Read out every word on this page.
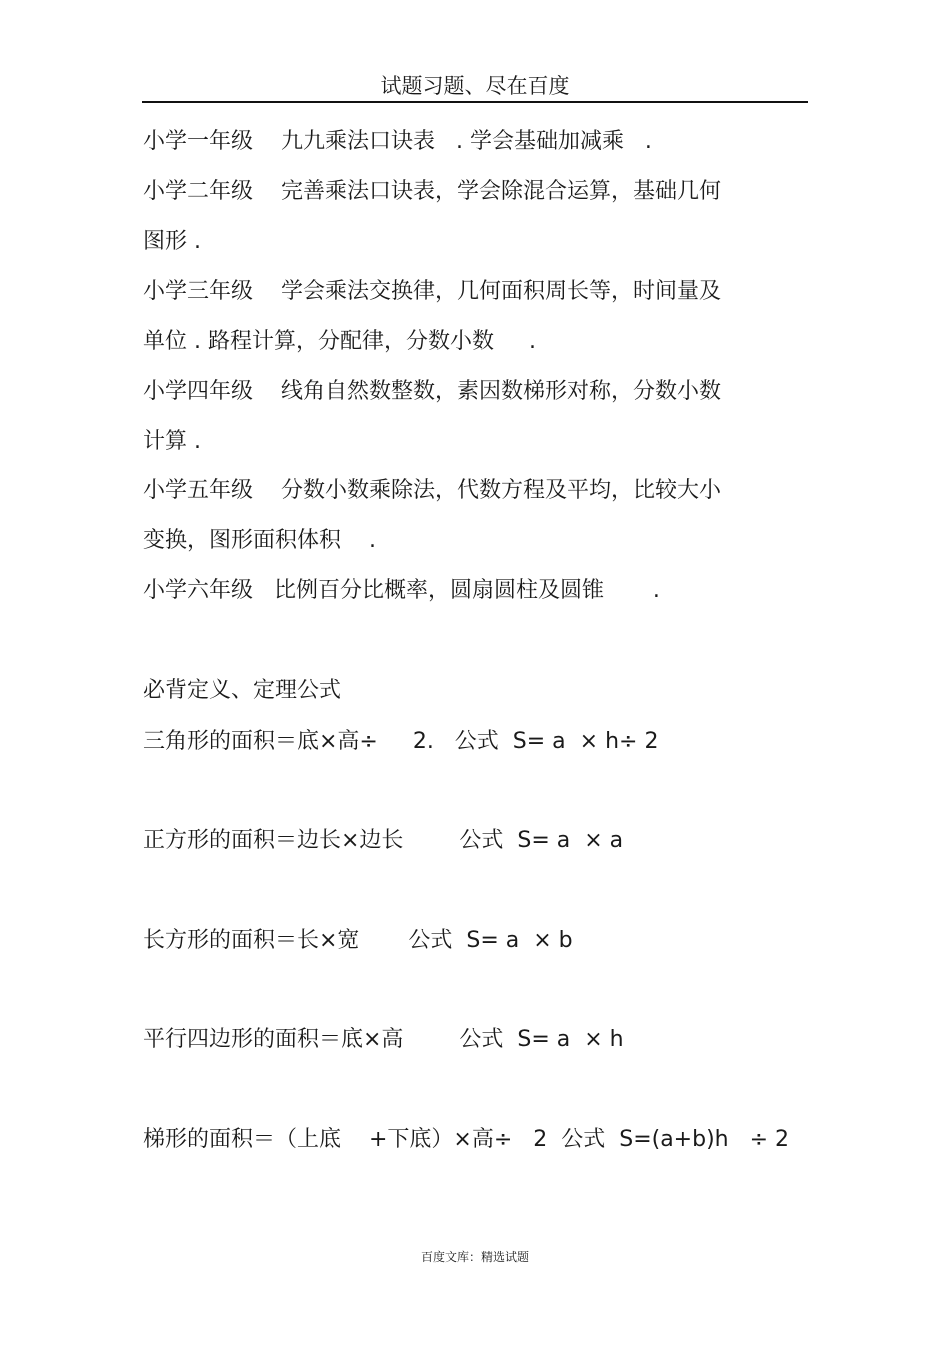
试题习题、尽在百度
小学一年级    九九乘法口诀表   . 学会基础加减乘   .
小学二年级    完善乘法口诀表，学会除混合运算，基础几何
图形 .
小学三年级    学会乘法交换律，几何面积周长等，时间量及
单位 . 路程计算，分配律，分数小数     .
小学四年级    线角自然数整数，素因数梯形对称，分数小数
计算 .
小学五年级    分数小数乘除法，代数方程及平均，比较大小
变换，图形面积体积    .
小学六年级   比例百分比概率，圆扇圆柱及圆锥       .
必背定义、定理公式
三角形的面积＝底×高÷     2.   公式  S= a  × h÷ 2
正方形的面积＝边长×边长        公式  S= a  × a
长方形的面积＝长×宽       公式  S= a  × b
平行四边形的面积＝底×高        公式  S= a  × h
梯形的面积＝（上底    +下底）×高÷   2  公式  S=(a+b)h   ÷ 2
百度文库：精选试题
